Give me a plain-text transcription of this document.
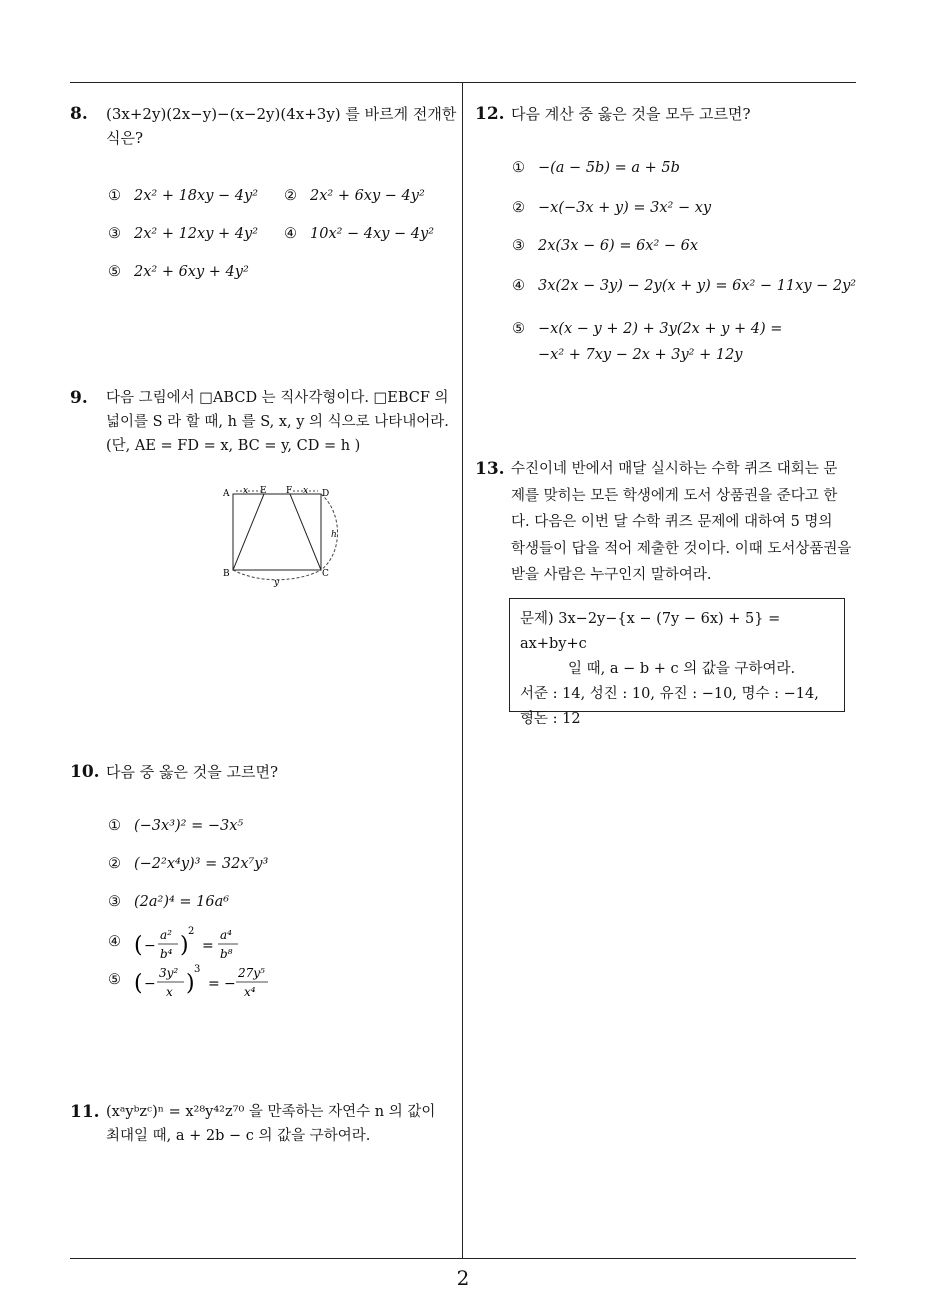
8. (3x+2y)(2x−y)−(x−2y)(4x+3y) 를 바르게 전개한
식은?
① 2x² + 18xy − 4y² ② 2x² + 6xy − 4y²
③ 2x² + 12xy + 4y² ④ 10x² − 4xy − 4y²
⑤ 2x² + 6xy + 4y²
9. 다음 그림에서 □ABCD 는 직사각형이다. □EBCF 의
넓이를 S 라 할 때, h 를 S, x, y 의 식으로 나타내어라.
(단, AE = FD = x, BC = y, CD = h )
A	E F	D
B	C
x	x
h
y
10. 다음 중 옳은 것을 고르면?
① (−3x³)² = −3x⁵
② (−2²x⁴y)³ = 32x⁷y³
③ (2a²)⁴ = 16a⁶
④ ( −
a²
b⁴ )
2
=
a⁴
b⁸
⑤ ( −
3y²
x )
3
= −
27y⁵
x⁴
11. (xᵃyᵇzᶜ)ⁿ = x²⁸y⁴²z⁷⁰ 을 만족하는 자연수 n 의 값이
최대일 때, a + 2b − c 의 값을 구하여라.
12. 다음 계산 중 옳은 것을 모두 고르면?
① −(a − 5b) = a + 5b
② −x(−3x + y) = 3x² − xy
③ 2x(3x − 6) = 6x² − 6x
④ 3x(2x − 3y) − 2y(x + y) = 6x² − 11xy − 2y²
⑤ −x(x − y + 2) + 3y(2x + y + 4) =
−x² + 7xy − 2x + 3y² + 12y
13. 수진이네 반에서 매달 실시하는 수학 퀴즈 대회는 문
제를 맞히는 모든 학생에게 도서 상품권을 준다고 한
다. 다음은 이번 달 수학 퀴즈 문제에 대하여 5 명의
학생들이 답을 적어 제출한 것이다. 이때 도서상품권을
받을 사람은 누구인지 말하여라.
문제) 3x−2y−{x − (7y − 6x) + 5} = ax+by+c
일 때, a − b + c 의 값을 구하여라.
서준 : 14, 성진 : 10, 유진 : −10, 명수 : −14,
형돈 : 12
2
